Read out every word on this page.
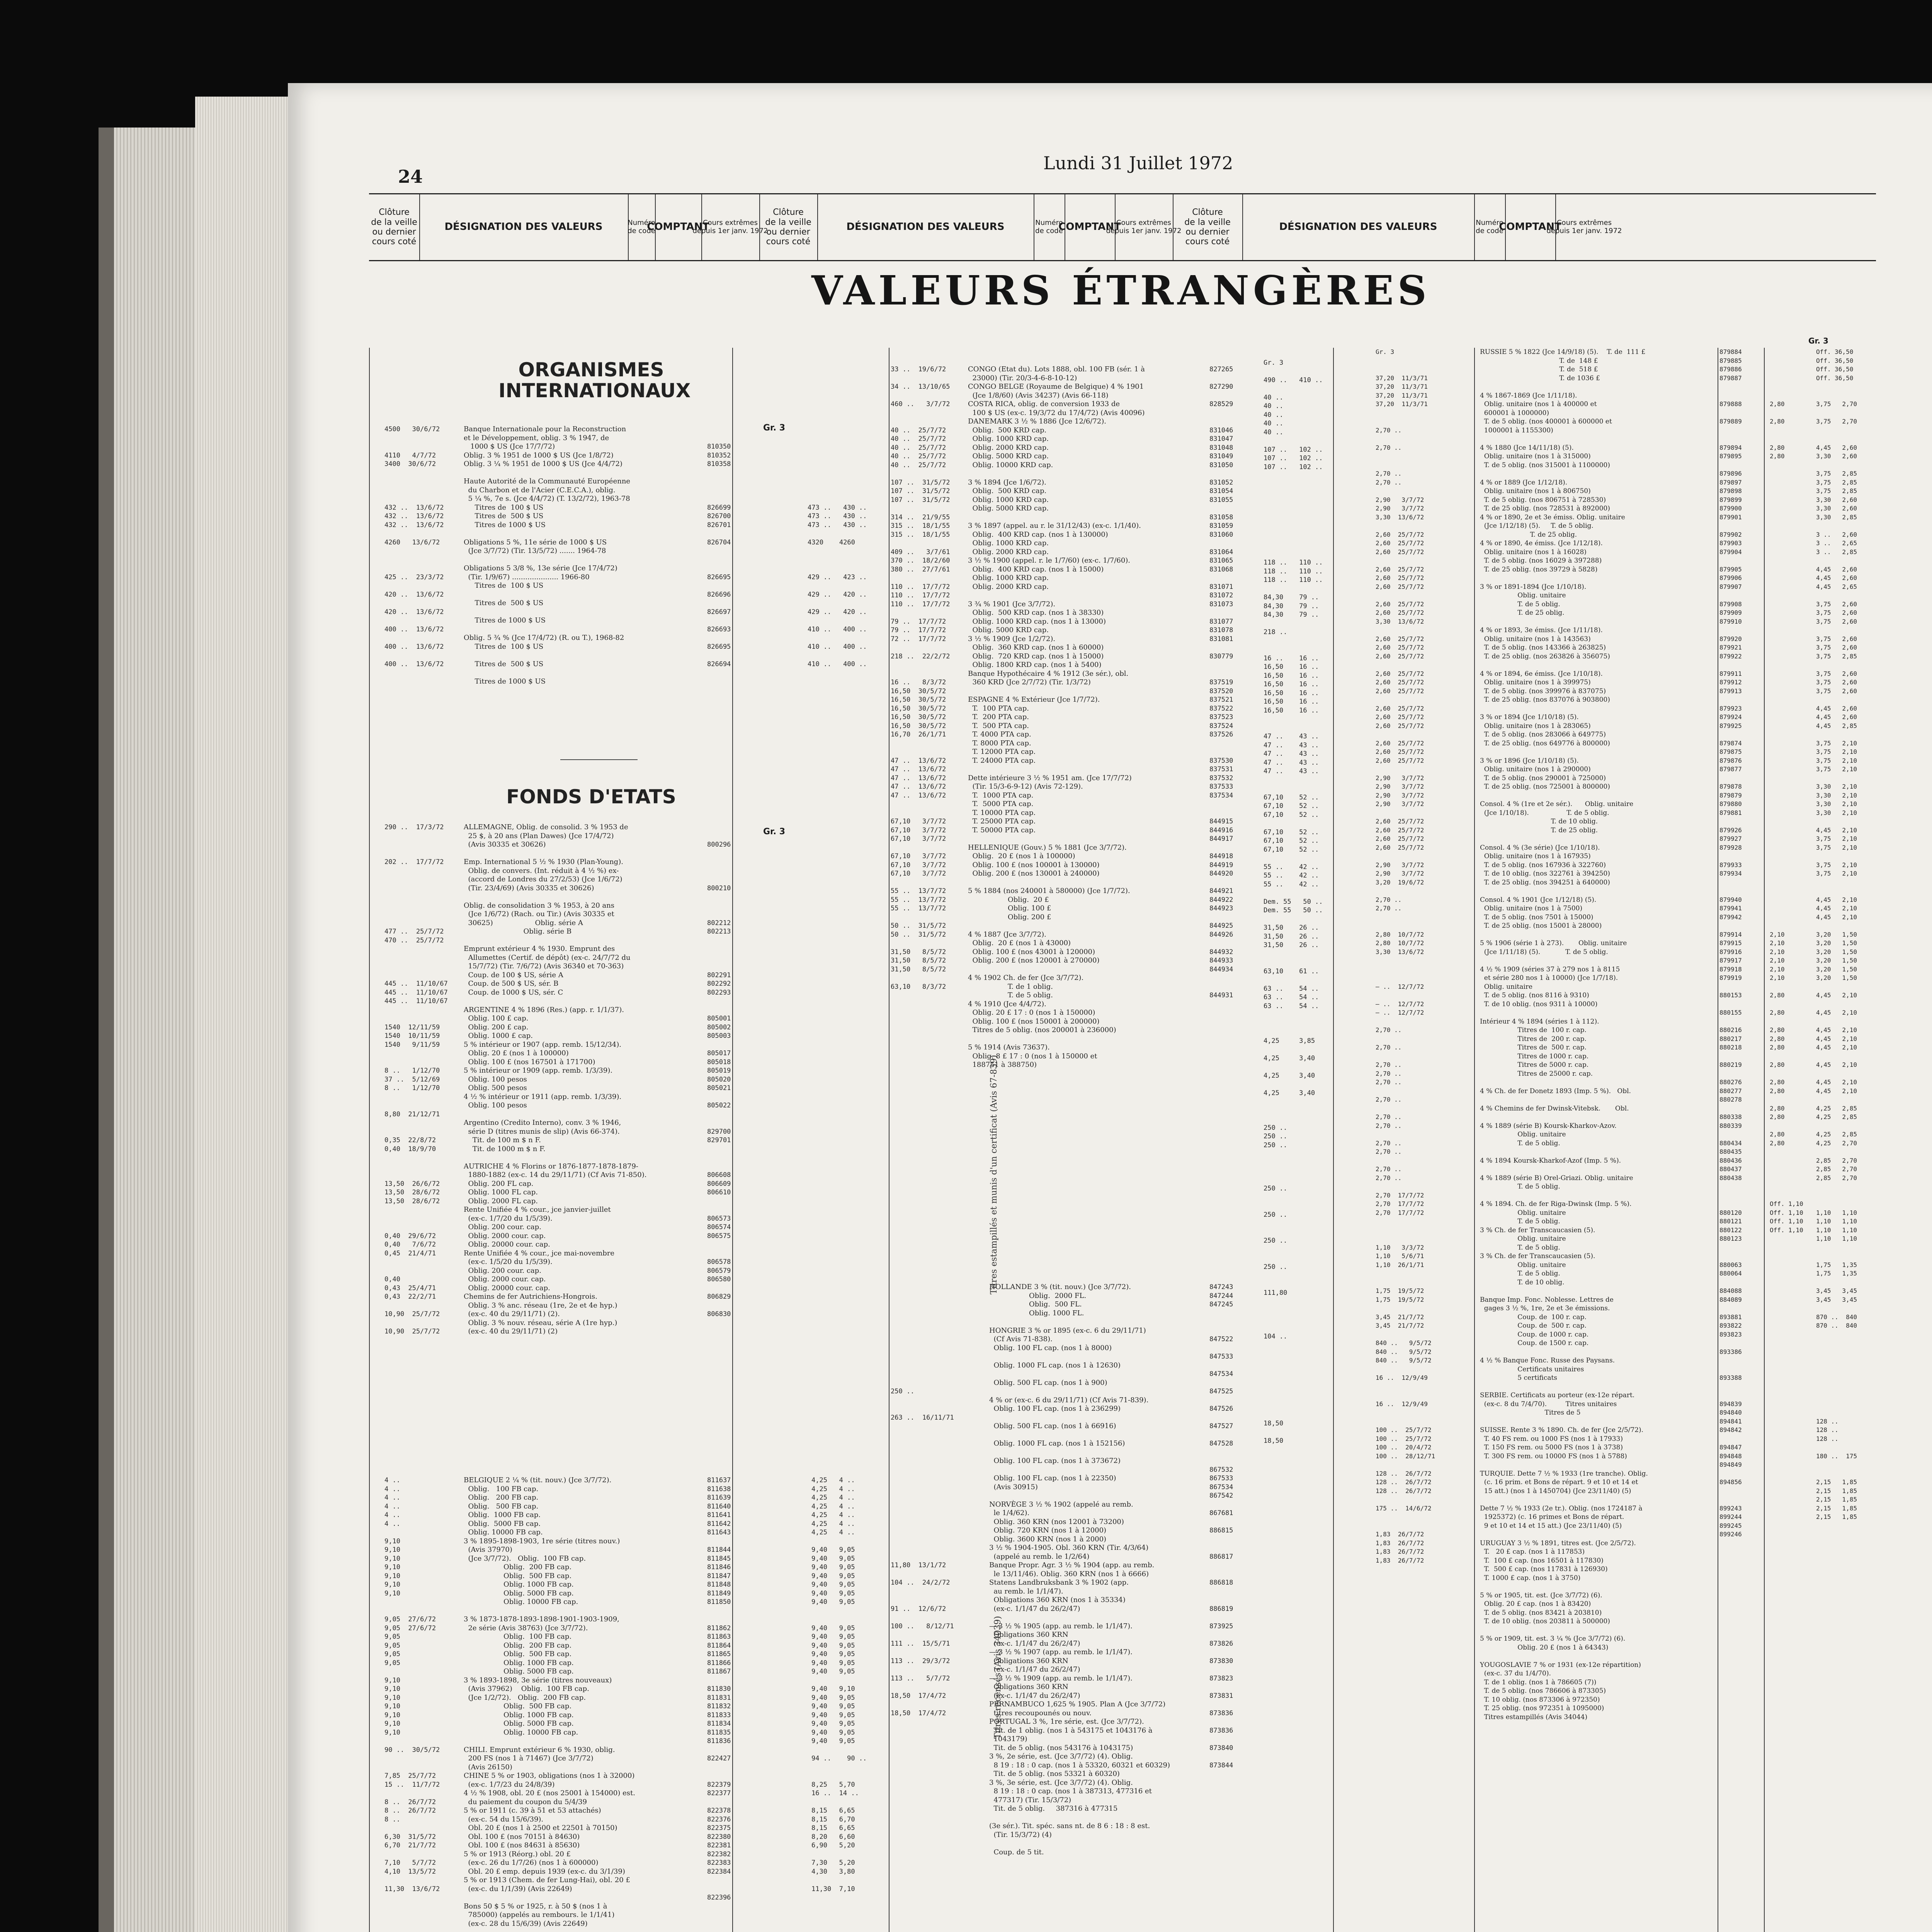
24
Lundi 31 Juillet 1972
Clôture
de la veille
ou dernier
cours coté
DÉSIGNATION DES VALEURS	Numéro
de code
COMPTANT
Cours extrêmes
depuis 1er janv. 1972
Clôture
de la veille
ou dernier
cours coté
DÉSIGNATION DES VALEURS	Numéro
de code
COMPTANT
Cours extrêmes
depuis 1er janv. 1972
Clôture
de la veille
ou dernier
cours coté
DÉSIGNATION DES VALEURS	Numéro
de code
COMPTANT
Cours extrêmes
depuis 1er janv. 1972
VALEURS ÉTRANGÈRES
ORGANISMES
INTERNATIONAUX
Gr. 3
4500   30/6/72

4110   4/7/72
3400  30/6/72

432 ..  13/6/72
432 ..  13/6/72
432 ..  13/6/72

4260   13/6/72

425 ..  23/3/72

420 ..  13/6/72

420 ..  13/6/72

400 ..  13/6/72

400 ..  13/6/72

400 ..  13/6/72
Banque Internationale pour la Reconstruction
et le Développement, oblig. 3 % 1947, de
1000 $ US (Jce 17/7/72)
Oblig. 3 % 1951 de 1000 $ US (Jce 1/8/72)
Oblig. 3 ¼ % 1951 de 1000 $ US (Jce 4/4/72)

Haute Autorité de la Communauté Européenne
du Charbon et de l'Acier (C.E.C.A.), oblig.
5 ¼ %, 7e s. (Jce 4/4/72) (T. 13/2/72), 1963-78
Titres de  100 $ US
Titres de  500 $ US
Titres de 1000 $ US

Obligations 5 %, 11e série de 1000 $ US
(Jce 3/7/72) (Tir. 13/5/72) ....... 1964-78

Obligations 5 3/8 %, 13e série (Jce 17/4/72)
(Tir. 1/9/67) ..................... 1966-80
Titres de  100 $ US

Titres de  500 $ US

Titres de 1000 $ US

Oblig. 5 ¾ % (Jce 17/4/72) (R. ou T.), 1968-82
Titres de  100 $ US

Titres de  500 $ US

Titres de 1000 $ US

810350
810352
810358

826699
826700
826701

826704

826695

826696

826697

826693

826695

826694

473 ..   430 ..
473 ..   430 ..
473 ..   430 ..

4320    4260

429 ..   423 ..

429 ..   420 ..

429 ..   420 ..

410 ..   400 ..

410 ..   400 ..

410 ..   400 ..
FONDS D'ETATS
Gr. 3
290 ..  17/3/72

202 ..  17/7/72

477 ..  25/7/72
470 ..  25/7/72

445 ..  11/10/67
445 ..  11/10/67
445 ..  11/10/67

1540  12/11/59
1540  10/11/59
1540   9/11/59

8 ..   1/12/70
37 ..  5/12/69
8 ..   1/12/70

8,80  21/12/71

0,35  22/8/72
0,40  18/9/70

13,50  26/6/72
13,50  28/6/72
13,50  28/6/72

0,40  29/6/72
0,40   7/6/72
0,45  21/4/71

0,40
0,43  25/4/71
0,43  22/2/71

10,90  25/7/72

10,90  25/7/72
ALLEMAGNE, Oblig. de consolid. 3 % 1953 de
25 $, à 20 ans (Plan Dawes) (Jce 17/4/72)
(Avis 30335 et 30626)

Emp. International 5 ½ % 1930 (Plan-Young).
Oblig. de convers. (Int. réduit à 4 ½ %) ex-
(accord de Londres du 27/2/53) (Jce 1/6/72)
(Tir. 23/4/69) (Avis 30335 et 30626)

Oblig. de consolidation 3 % 1953, à 20 ans
(Jce 1/6/72) (Rach. ou Tir.) (Avis 30335 et
30625)                   Oblig. série A
Oblig. série B

Emprunt extérieur 4 % 1930. Emprunt des
Allumettes (Certif. de dépôt) (ex-c. 24/7/72 du
15/7/72) (Tir. 7/6/72) (Avis 36340 et 70-363)
Coup. de 100 $ US, série A
Coup. de 500 $ US, sér. B
Coup. de 1000 $ US, sér. C

ARGENTINE 4 % 1896 (Res.) (app. r. 1/1/37).
Oblig. 100 £ cap.
Oblig. 200 £ cap.
Oblig. 1000 £ cap.
5 % intérieur or 1907 (app. remb. 15/12/34).
Oblig. 20 £ (nos 1 à 100000)
Oblig. 100 £ (nos 167501 à 171700)
5 % intérieur or 1909 (app. remb. 1/3/39).
Oblig. 100 pesos
Oblig. 500 pesos
4 ½ % intérieur or 1911 (app. remb. 1/3/39).
Oblig. 100 pesos

Argentino (Credito Interno), conv. 3 % 1946,
série D (titres munis de slip) (Avis 66-374).
Tit. de 100 m $ n F.
Tit. de 1000 m $ n F.

AUTRICHE 4 % Florins or 1876-1877-1878-1879-
1880-1882 (ex-c. 14 du 29/11/71) (Cf Avis 71-850).
Oblig. 200 FL cap.
Oblig. 1000 FL cap.
Oblig. 2000 FL cap.
Rente Unifiée 4 % cour., jce janvier-juillet
(ex-c. 1/7/20 du 1/5/39).
Oblig. 200 cour. cap.
Oblig. 2000 cour. cap.
Oblig. 20000 cour. cap.
Rente Unifiée 4 % cour., jce mai-novembre
(ex-c. 1/5/20 du 1/5/39).
Oblig. 200 cour. cap.
Oblig. 2000 cour. cap.
Oblig. 20000 cour. cap.
Chemins de fer Autrichiens-Hongrois.
Oblig. 3 % anc. réseau (1re, 2e et 4e hyp.)
(ex-c. 40 du 29/11/71) (2).
Oblig. 3 % nouv. réseau, série A (1re hyp.)
(ex-c. 40 du 29/11/71) (2)

800296

800210

802212
802213

802291
802292
802293

805001
805002
805003

805017
805018
805019
805020
805021

805022

829700
829701

806608
806609
806610

806573
806574
806575

806578
806579
806580

806829

806830
4 ..
4 ..
4 ..
4 ..
4 ..
4 ..

9,10
9,10
9,10
9,10
9,10
9,10
9,10

9,05  27/6/72
9,05  27/6/72
9,05
9,05
9,05
9,05

9,10
9,10
9,10
9,10
9,10
9,10
9,10

90 ..  30/5/72

7,85  25/7/72
15 ..  11/7/72

8 ..  26/7/72
8 ..  26/7/72
8 ..

6,30  31/5/72
6,70  21/7/72

7,10   5/7/72
4,10  13/5/72

11,30  13/6/72
BELGIQUE 2 ¼ % (tit. nouv.) (Jce 3/7/72).
Oblig.   100 FB cap.
Oblig.   200 FB cap.
Oblig.   500 FB cap.
Oblig.  1000 FB cap.
Oblig.  5000 FB cap.
Oblig. 10000 FB cap.
3 % 1895-1898-1903, 1re série (titres nouv.)
(Avis 37970)
(Jce 3/7/72).   Oblig.  100 FB cap.
Oblig.  200 FB cap.
Oblig.  500 FB cap.
Oblig. 1000 FB cap.
Oblig. 5000 FB cap.
Oblig. 10000 FB cap.

3 % 1873-1878-1893-1898-1901-1903-1909,
2e série (Avis 38763) (Jce 3/7/72).
Oblig.  100 FB cap.
Oblig.  200 FB cap.
Oblig.  500 FB cap.
Oblig. 1000 FB cap.
Oblig. 5000 FB cap.
3 % 1893-1898, 3e série (titres nouveaux)
(Avis 37962)    Oblig.  100 FB cap.
(Jce 1/2/72).   Oblig.  200 FB cap.
Oblig.  500 FB cap.
Oblig. 1000 FB cap.
Oblig. 5000 FB cap.
Oblig. 10000 FB cap.

CHILI. Emprunt extérieur 6 % 1930, oblig.
200 FS (nos 1 à 71467) (Jce 3/7/72)
(Avis 26150)
CHINE 5 % or 1903, obligations (nos 1 à 32000)
(ex-c. 1/7/23 du 24/8/39)
4 ½ % 1908, obl. 20 £ (nos 25001 à 154000) est.
du paiement du coupon du 5/4/39
5 % or 1911 (c. 39 à 51 et 53 attachés)
(ex-c. 54 du 15/6/39).
Obl. 20 £ (nos 1 à 2500 et 22501 à 70150)
Obl. 100 £ (nos 70151 à 84630)
Obl. 100 £ (nos 84631 à 85630)
5 % or 1913 (Réorg.) obl. 20 £
(ex-c. 26 du 1/7/26) (nos 1 à 600000)
Obl. 20 £ emp. depuis 1939 (ex-c. du 3/1/39)
5 % or 1913 (Chem. de fer Lung-Hai), obl. 20 £
(ex-c. du 1/1/39) (Avis 22649)

Bons 50 $ 5 % or 1925, r. à 50 $ (nos 1 à
785000) (appelés au rembours. le 1/1/41)
(ex-c. 28 du 15/6/39) (Avis 22649)
811637
811638
811639
811640
811641
811642
811643

811844
811845
811846
811847
811848
811849
811850

811862
811863
811864
811865
811866
811867

811830
811831
811832
811833
811834
811835
811836

822427

822379
822377

822378
822376
822375
822380
822381
822382
822383
822384

822396
4,25   4 ..
4,25   4 ..
4,25   4 ..
4,25   4 ..
4,25   4 ..
4,25   4 ..
4,25   4 ..

9,40   9,05
9,40   9,05
9,40   9,05
9,40   9,05
9,40   9,05
9,40   9,05
9,40   9,05

9,40   9,05
9,40   9,05
9,40   9,05
9,40   9,05
9,40   9,05
9,40   9,05

9,40   9,10
9,40   9,05
9,40   9,05
9,40   9,05
9,40   9,05
9,40   9,05
9,40   9,05

94 ..    90 ..

8,25   5,70
16 ..  14 ..

8,15   6,65
8,15   6,70
8,15   6,65
8,20   6,60
6,90   5,20

7,30   5,20
4,30   3,80

11,30  7,10
33 ..  19/6/72

34 ..  13/10/65

460 ..   3/7/72

40 ..  25/7/72
40 ..  25/7/72
40 ..  25/7/72
40 ..  25/7/72
40 ..  25/7/72

107 ..  31/5/72
107 ..  31/5/72
107 ..  31/5/72

314 ..  21/9/55
315 ..  18/1/55
315 ..  18/1/55

409 ..   3/7/61
370 ..  18/2/60
380 ..  27/7/61

110 ..  17/7/72
110 ..  17/7/72
110 ..  17/7/72

79 ..  17/7/72
79 ..  17/7/72
72 ..  17/7/72

218 ..  22/2/72

16 ..   8/3/72
16,50  30/5/72
16,50  30/5/72
16,50  30/5/72
16,50  30/5/72
16,50  30/5/72
16,70  26/1/71

47 ..  13/6/72
47 ..  13/6/72
47 ..  13/6/72
47 ..  13/6/72
47 ..  13/6/72

67,10   3/7/72
67,10   3/7/72
67,10   3/7/72

67,10   3/7/72
67,10   3/7/72
67,10   3/7/72

55 ..  13/7/72
55 ..  13/7/72
55 ..  13/7/72

50 ..  31/5/72
50 ..  31/5/72

31,50   8/5/72
31,50   8/5/72
31,50   8/5/72

63,10   8/3/72
CONGO (Etat du). Lots 1888, obl. 100 FB (sér. 1 à
23000) (Tir. 20/3-4-6-8-10-12)
CONGO BELGE (Royaume de Belgique) 4 % 1901
(Jce 1/8/60) (Avis 34237) (Avis 66-118)
COSTA RICA, oblig. de conversion 1933 de
100 $ US (ex-c. 19/3/72 du 17/4/72) (Avis 40096)
DANEMARK 3 ½ % 1886 (Jce 12/6/72).
Oblig.  500 KRD cap.
Oblig. 1000 KRD cap.
Oblig. 2000 KRD cap.
Oblig. 5000 KRD cap.
Oblig. 10000 KRD cap.

3 % 1894 (Jce 1/6/72).
Oblig.  500 KRD cap.
Oblig. 1000 KRD cap.
Oblig. 5000 KRD cap.

3 % 1897 (appel. au r. le 31/12/43) (ex-c. 1/1/40).
Oblig.  400 KRD cap. (nos 1 à 130000)
Oblig. 1000 KRD cap.
Oblig. 2000 KRD cap.
3 ½ % 1900 (appel. r. le 1/7/60) (ex-c. 1/7/60).
Oblig.  400 KRD cap. (nos 1 à 15000)
Oblig. 1000 KRD cap.
Oblig. 2000 KRD cap.

3 ¾ % 1901 (Jce 3/7/72).
Oblig.  500 KRD cap. (nos 1 à 38330)
Oblig. 1000 KRD cap. (nos 1 à 13000)
Oblig. 5000 KRD cap.
3 ½ % 1909 (Jce 1/2/72).
Oblig.  360 KRD cap. (nos 1 à 60000)
Oblig.  720 KRD cap. (nos 1 à 15000)
Oblig. 1800 KRD cap. (nos 1 à 5400)
Banque Hypothécaire 4 % 1912 (3e sér.), obl.
360 KRD (Jce 2/7/72) (Tir. 1/3/72)

ESPAGNE 4 % Extérieur (Jce 1/7/72).
T.  100 PTA cap.
T.  200 PTA cap.
T.  500 PTA cap.
T. 4000 PTA cap.
T. 8000 PTA cap.
T. 12000 PTA cap.
T. 24000 PTA cap.

Dette intérieure 3 ½ % 1951 am. (Jce 17/7/72)
(Tir. 15/3-6-9-12) (Avis 72-129).
T.  1000 PTA cap.
T.  5000 PTA cap.
T. 10000 PTA cap.
T. 25000 PTA cap.
T. 50000 PTA cap.

HELLENIQUE (Gouv.) 5 % 1881 (Jce 3/7/72).
Oblig.  20 £ (nos 1 à 100000)
Oblig. 100 £ (nos 100001 à 130000)
Oblig. 200 £ (nos 130001 à 240000)

5 % 1884 (nos 240001 à 580000) (Jce 1/7/72).
Oblig.  20 £
Oblig. 100 £
Oblig. 200 £

4 % 1887 (Jce 3/7/72).
Oblig.  20 £ (nos 1 à 43000)
Oblig. 100 £ (nos 43001 à 120000)
Oblig. 200 £ (nos 120001 à 270000)

4 % 1902 Ch. de fer (Jce 3/7/72).
T. de 1 oblig.
T. de 5 oblig.
4 % 1910 (Jce 4/4/72).
Oblig. 20 £ 17 : 0 (nos 1 à 150000)
Oblig. 100 £ (nos 150001 à 200000)
Titres de 5 oblig. (nos 200001 à 236000)

5 % 1914 (Avis 73637).
Oblig. 8 £ 17 : 0 (nos 1 à 150000 et
188751 à 388750)
827265

827290

828529

831046
831047
831048
831049
831050

831052
831054
831055

831058
831059
831060

831064
831065
831068

831071
831072
831073

831077
831078
831081

830779

837519
837520
837521
837522
837523
837524
837526

837530
837531
837532
837533
837534

844915
844916
844917

844918
844919
844920

844921
844922
844923

844925
844926

844932
844933
844934

844931

Gr. 3

490 ..   410 ..

40 ..
40 ..
40 ..
40 ..
40 ..

107 ..   102 ..
107 ..   102 ..
107 ..   102 ..

118 ..   110 ..
118 ..   110 ..
118 ..   110 ..

84,30    79 ..
84,30    79 ..
84,30    79 ..

218 ..

16 ..    16 ..
16,50    16 ..
16,50    16 ..
16,50    16 ..
16,50    16 ..
16,50    16 ..
16,50    16 ..

47 ..    43 ..
47 ..    43 ..
47 ..    43 ..
47 ..    43 ..
47 ..    43 ..

67,10    52 ..
67,10    52 ..
67,10    52 ..

67,10    52 ..
67,10    52 ..
67,10    52 ..

55 ..    42 ..
55 ..    42 ..
55 ..    42 ..

Dem. 55   50 ..
Dem. 55   50 ..

31,50    26 ..
31,50    26 ..
31,50    26 ..

63,10    61 ..

63 ..    54 ..
63 ..    54 ..
63 ..    54 ..

4,25     3,85

4,25     3,40

4,25     3,40

4,25     3,40

250 ..
250 ..
250 ..

250 ..

250 ..

250 ..

250 ..

111,80

104 ..

18,50

18,50
Titres estampillés et munis d'un certificat (Avis 67-839)

250 ..

263 ..  16/11/71

11,80  13/1/72

104 ..  24/2/72

91 ..  12/6/72

100 ..   8/12/71

111 ..  15/5/71

113 ..  29/3/72

113 ..   5/7/72

18,50  17/4/72

18,50  17/4/72
HOLLANDE 3 % (tit. nouv.) (Jce 3/7/72).
Oblig.  2000 FL.
Oblig.  500 FL.
Oblig. 1000 FL.

HONGRIE 3 % or 1895 (ex-c. 6 du 29/11/71)
(Cf Avis 71-838).
Oblig. 100 FL cap. (nos 1 à 8000)

Oblig. 1000 FL cap. (nos 1 à 12630)

Oblig. 500 FL cap. (nos 1 à 900)

4 % or (ex-c. 6 du 29/11/71) (Cf Avis 71-839).
Oblig. 100 FL cap. (nos 1 à 236299)

Oblig. 500 FL cap. (nos 1 à 66916)

Oblig. 1000 FL cap. (nos 1 à 152156)

Oblig. 100 FL cap. (nos 1 à 373672)

Oblig. 100 FL cap. (nos 1 à 22350)
(Avis 30915)

NORVÈGE 3 ½ % 1902 (appelé au remb.
le 1/4/62).
Oblig. 360 KRN (nos 12001 à 73200)
Oblig. 720 KRN (nos 1 à 12000)
Oblig. 3600 KRN (nos 1 à 2000)
3 ½ % 1904-1905. Obl. 360 KRN (Tir. 4/3/64)
(appelé au remb. le 1/2/64)
Banque Propr. Agr. 3 ½ % 1904 (app. au remb.
le 13/11/46). Oblig. 360 KRN (nos 1 à 6666)
Statens Landbruksbank 3 % 1902 (app.
au remb. le 1/1/47).
Obligations 360 KRN (nos 1 à 35334)
(ex-c. 1/1/47 du 26/2/47)

— 3 ½ % 1905 (app. au remb. le 1/1/47).
Obligations 360 KRN
(ex-c. 1/1/47 du 26/2/47)
— 3 ½ % 1907 (app. au remb. le 1/1/47).
Obligations 360 KRN
(ex-c. 1/1/47 du 26/2/47)
— 3 ½ % 1909 (app. au remb. le 1/1/47).
Obligations 360 KRN
(ex-c. 1/1/47 du 26/2/47)
PERNAMBUCO 1,625 % 1905. Plan A (Jce 3/7/72)
titres recoupounés ou nouv.
PORTUGAL 3 %, 1re série, est. (Jce 3/7/72).
Tit. de 1 oblig. (nos 1 à 543175 et 1043176 à
1043179)
Tit. de 5 oblig. (nos 543176 à 1043175)
3 %, 2e série, est. (Jce 3/7/72) (4). Oblig.
8 19 : 18 : 0 cap. (nos 1 à 53320, 60321 et 60329)
Tit. de 5 oblig. (nos 53321 à 60320)
3 %, 3e série, est. (Jce 3/7/72) (4). Oblig.
8 19 : 18 : 0 cap. (nos 1 à 387313, 477316 et
477317) (Tir. 15/3/72)
Tit. de 5 oblig.     387316 à 477315

(3e sér.). Tit. spéc. sans nt. de 8 6 : 18 : 8 est.
(Tir. 15/3/72) (4)

Coup. de 5 tit.
847243
847244
847245

847522

847533

847534

847525

847526

847527

847528

867532
867533
867534
867542

867681

886815

886817

886818

886819

873925

873826

873830

873823

873831

873836

873836

873840

873844
Titres recensés (Avis 34039)
Gr. 3

37,20  11/3/71
37,20  11/3/71
37,20  11/3/71
37,20  11/3/71

2,70 ..

2,70 ..

2,70 ..
2,70 ..

2,90   3/7/72
2,90   3/7/72
3,30  13/6/72

2,60  25/7/72
2,60  25/7/72
2,60  25/7/72

2,60  25/7/72
2,60  25/7/72
2,60  25/7/72

2,60  25/7/72
2,60  25/7/72
3,30  13/6/72

2,60  25/7/72
2,60  25/7/72
2,60  25/7/72

2,60  25/7/72
2,60  25/7/72
2,60  25/7/72

2,60  25/7/72
2,60  25/7/72
2,60  25/7/72

2,60  25/7/72
2,60  25/7/72
2,60  25/7/72

2,90   3/7/72
2,90   3/7/72
2,90   3/7/72
2,90   3/7/72

2,60  25/7/72
2,60  25/7/72
2,60  25/7/72
2,60  25/7/72

2,90   3/7/72
2,90   3/7/72
3,20  19/6/72

2,70 ..
2,70 ..

2,80  10/7/72
2,80  10/7/72
3,30  13/6/72

— ..  12/7/72

— ..  12/7/72
— ..  12/7/72

2,70 ..

2,70 ..

2,70 ..
2,70 ..
2,70 ..

2,70 ..

2,70 ..
2,70 ..

2,70 ..
2,70 ..

2,70 ..
2,70 ..

2,70  17/7/72
2,70  17/7/72
2,70  17/7/72

1,10   3/3/72
1,10   5/6/71
1,10  26/1/71

1,75  19/5/72
1,75  19/5/72

3,45  21/7/72
3,45  21/7/72

840 ..   9/5/72
840 ..   9/5/72
840 ..   9/5/72

16 ..  12/9/49

16 ..  12/9/49

100 ..  25/7/72
100 ..  25/7/72
100 ..  20/4/72
100 ..  28/12/71

128 ..  26/7/72
128 ..  26/7/72
128 ..  26/7/72

175 ..  14/6/72

1,83  26/7/72
1,83  26/7/72
1,83  26/7/72
1,83  26/7/72
RUSSIE 5 % 1822 (Jce 14/9/18) (5).    T. de  111 £
T. de  148 £
T. de  518 £
T. de 1036 £

4 % 1867-1869 (Jce 1/11/18).
Oblig. unitaire (nos 1 à 400000 et
600001 à 1000000)
T. de 5 oblig. (nos 400001 à 600000 et
1000001 à 1155300)

4 % 1880 (Jce 14/11/18) (5).
Oblig. unitaire (nos 1 à 315000)
T. de 5 oblig. (nos 315001 à 1100000)

4 % or 1889 (Jce 1/12/18).
Oblig. unitaire (nos 1 à 806750)
T. de 5 oblig. (nos 806751 à 728530)
T. de 25 oblig. (nos 728531 à 892000)
4 % or 1890, 2e et 3e émiss. Oblig. unitaire
(Jce 1/12/18) (5).     T. de 5 oblig.
T. de 25 oblig.
4 % or 1890, 4e émiss. (Jce 1/12/18).
Oblig. unitaire (nos 1 à 16028)
T. de 5 oblig. (nos 16029 à 397288)
T. de 25 oblig. (nos 39729 à 5828)

3 % or 1891-1894 (Jce 1/10/18).
Oblig. unitaire
T. de 5 oblig.
T. de 25 oblig.

4 % or 1893, 3e émiss. (Jce 1/11/18).
Oblig. unitaire (nos 1 à 143563)
T. de 5 oblig. (nos 143366 à 263825)
T. de 25 oblig. (nos 263826 à 356075)

4 % or 1894, 6e émiss. (Jce 1/10/18).
Oblig. unitaire (nos 1 à 399975)
T. de 5 oblig. (nos 399976 à 837075)
T. de 25 oblig. (nos 837076 à 903800)

3 % or 1894 (Jce 1/10/18) (5).
Oblig. unitaire (nos 1 à 283065)
T. de 5 oblig. (nos 283066 à 649775)
T. de 25 oblig. (nos 649776 à 800000)

3 % or 1896 (Jce 1/10/18) (5).
Oblig. unitaire (nos 1 à 290000)
T. de 5 oblig. (nos 290001 à 725000)
T. de 25 oblig. (nos 725001 à 800000)

Consol. 4 % (1re et 2e sér.).      Oblig. unitaire
(Jce 1/10/18).                  T. de 5 oblig.
T. de 10 oblig.
T. de 25 oblig.

Consol. 4 % (3e série) (Jce 1/10/18).
Oblig. unitaire (nos 1 à 167935)
T. de 5 oblig. (nos 167936 à 322760)
T. de 10 oblig. (nos 322761 à 394250)
T. de 25 oblig. (nos 394251 à 640000)

Consol. 4 % 1901 (Jce 1/12/18) (5).
Oblig. unitaire (nos 1 à 7500)
T. de 5 oblig. (nos 7501 à 15000)
T. de 25 oblig. (nos 15001 à 28000)

5 % 1906 (série 1 à 273).       Oblig. unitaire
(Jce 1/11/18) (5).            T. de 5 oblig.

4 ½ % 1909 (séries 37 à 279 nos 1 à 8115
et série 280 nos 1 à 10000) (Jce 1/7/18).
Oblig. unitaire
T. de 5 oblig. (nos 8116 à 9310)
T. de 10 oblig. (nos 9311 à 10000)

Intérieur 4 % 1894 (séries 1 à 112).
Titres de  100 r. cap.
Titres de  200 r. cap.
Titres de  500 r. cap.
Titres de 1000 r. cap.
Titres de 5000 r. cap.
Titres de 25000 r. cap.

4 % Ch. de fer Donetz 1893 (Imp. 5 %).   Obl.

4 % Chemins de fer Dwinsk-Vitebsk.       Obl.

4 % 1889 (série B) Koursk-Kharkov-Azov.
Oblig. unitaire
T. de 5 oblig.

4 % 1894 Koursk-Kharkof-Azof (Imp. 5 %).

4 % 1889 (série B) Orel-Griazi. Oblig. unitaire
T. de 5 oblig.

4 % 1894. Ch. de fer Riga-Dwinsk (Imp. 5 %).
Oblig. unitaire
T. de 5 oblig.
3 % Ch. de fer Transcaucasien (5).
Oblig. unitaire
T. de 5 oblig.
3 % Ch. de fer Transcaucasien (5).
Oblig. unitaire
T. de 5 oblig.
T. de 10 oblig.

Banque Imp. Fonc. Noblesse. Lettres de
gages 3 ½ %, 1re, 2e et 3e émissions.
Coup. de  100 r. cap.
Coup. de  500 r. cap.
Coup. de 1000 r. cap.
Coup. de 1500 r. cap.

4 ½ % Banque Fonc. Russe des Paysans.
Certificats unitaires
5 certificats

SERBIE. Certificats au porteur (ex-12e répart.
(ex-c. 8 du 7/4/70).         Titres unitaires
Titres de 5

SUISSE. Rente 3 % 1890. Ch. de fer (Jce 2/5/72).
T. 40 FS rem. ou 1000 FS (nos 1 à 17933)
T. 150 FS rem. ou 5000 FS (nos 1 à 3738)
T. 300 FS rem. ou 10000 FS (nos 1 à 5788)

TURQUIE. Dette 7 ½ % 1933 (1re tranche). Oblig.
(c. 16 prim. et Bons de répart. 9 et 10 et 14 et
15 att.) (nos 1 à 1450704) (Jce 23/11/40) (5)

Dette 7 ½ % 1933 (2e tr.). Oblig. (nos 1724187 à
1925372) (c. 16 primes et Bons de répart.
9 et 10 et 14 et 15 att.) (Jce 23/11/40) (5)

URUGUAY 3 ½ % 1891, titres est. (Jce 2/5/72).
T.   20 £ cap. (nos 1 à 117853)
T.  100 £ cap. (nos 16501 à 117830)
T.  500 £ cap. (nos 117831 à 126930)
T. 1000 £ cap. (nos 1 à 3750)

5 % or 1905, tit. est. (Jce 3/7/72) (6).
Oblig. 20 £ cap. (nos 1 à 83420)
T. de 5 oblig. (nos 83421 à 203810)
T. de 10 oblig. (nos 203811 à 500000)

5 % or 1909, tit. est. 3 ¼ % (Jce 3/7/72) (6).
Oblig. 20 £ (nos 1 à 64343)

YOUGOSLAVIE 7 % or 1931 (ex-12e répartition)
(ex-c. 37 du 1/4/70).
T. de 1 oblig. (nos 1 à 786605 (7))
T. de 5 oblig. (nos 786606 à 873305)
T. 10 oblig. (nos 873306 à 972350)
T. 25 oblig. (nos 972351 à 1095000)
Titres estampillés (Avis 34044)
879884
879885
879886
879887

879888

879889

879894
879895

879896
879897
879898
879899
879900
879901

879902
879903
879904

879905
879906
879907

879908
879909
879910

879920
879921
879922

879911
879912
879913

879923
879924
879925

879874
879875
879876
879877

879878
879879
879880
879881

879926
879927
879928

879933
879934

879940
879941
879942

879914
879915
879916
879917
879918
879919

880153

880155

880216
880217
880218

880219

880276
880277
880278

880338
880339

880434
880435
880436
880437
880438

880120
880121
880122
880123

880063
880064

884088
884089

893881
893822
893823

893386

893388

894839
894840
894841
894842

894847
894848
894849

894856

899243
899244
899245
899246

2,80

2,80

2,80
2,80

2,10
2,10
2,10
2,10
2,10
2,10

2,80

2,80

2,80
2,80
2,80

2,80

2,80
2,80

2,80
2,80

2,80
2,80

Off. 1,10
Off. 1,10
Off. 1,10
Off. 1,10
Gr. 3
Off. 36,50
Off. 36,50
Off. 36,50
Off. 36,50

3,75   2,70

3,75   2,70

4,45   2,60
3,30   2,60

3,75   2,85
3,75   2,85
3,75   2,85
3,30   2,60
3,30   2,60
3,30   2,85

3 ..   2,60
3 ..   2,65
3 ..   2,85

4,45   2,60
4,45   2,60
4,45   2,65

3,75   2,60
3,75   2,60
3,75   2,60

3,75   2,60
3,75   2,60
3,75   2,85

3,75   2,60
3,75   2,60
3,75   2,60

4,45   2,60
4,45   2,60
4,45   2,85

3,75   2,10
3,75   2,10
3,75   2,10
3,75   2,10

3,30   2,10
3,30   2,10
3,30   2,10
3,30   2,10

4,45   2,10
3,75   2,10
3,75   2,10

3,75   2,10
3,75   2,10

4,45   2,10
4,45   2,10
4,45   2,10

3,20   1,50
3,20   1,50
3,20   1,50
3,20   1,50
3,20   1,50
3,20   1,50

4,45   2,10

4,45   2,10

4,45   2,10
4,45   2,10
4,45   2,10

4,45   2,10

4,45   2,10
4,45   2,10

4,25   2,85
4,25   2,85

4,25   2,85
4,25   2,70

2,85   2,70
2,85   2,70
2,85   2,70

1,10   1,10
1,10   1,10
1,10   1,10
1,10   1,10

1,75   1,35
1,75   1,35

3,45   3,45
3,45   3,45

870 ..  840
870 ..  840

128 ..
128 ..
128 ..

180 ..  175

2,15   1,85
2,15   1,85
2,15   1,85
2,15   1,85
2,15   1,85
